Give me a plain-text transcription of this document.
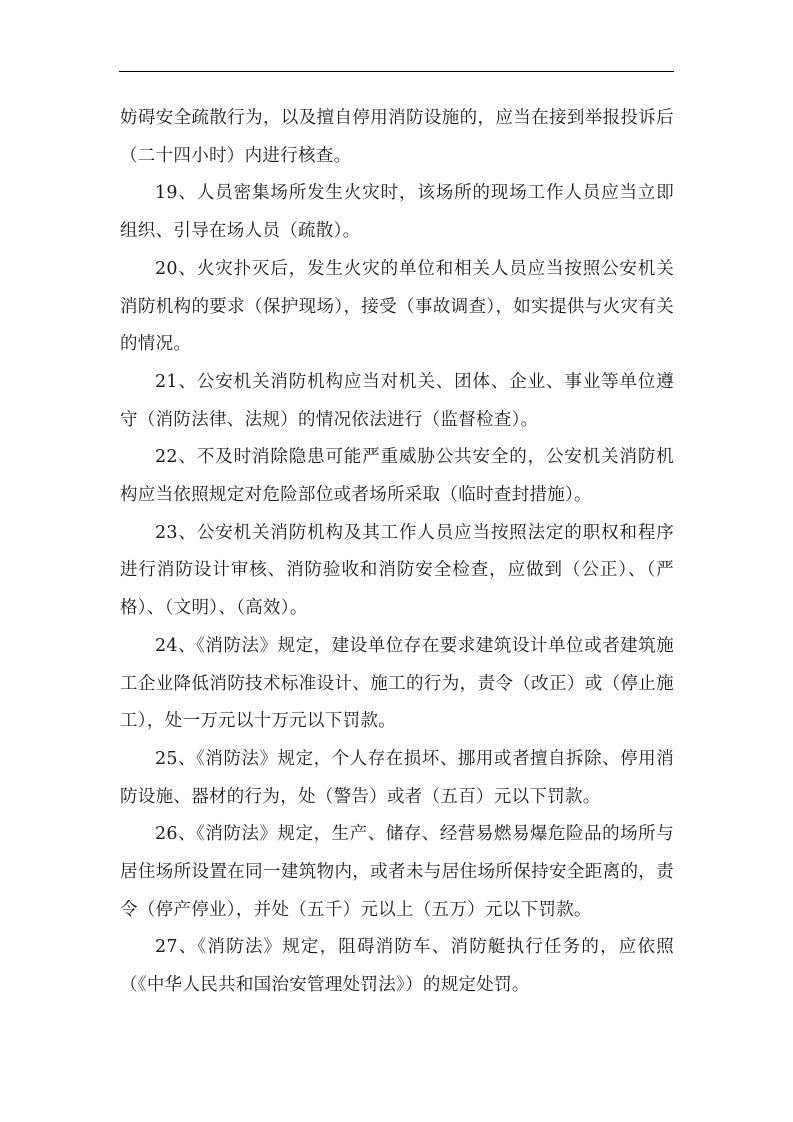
妨碍安全疏散行为，以及擅自停用消防设施的，应当在接到举报投诉后（二十四小时）内进行核查。

19、人员密集场所发生火灾时，该场所的现场工作人员应当立即组织、引导在场人员（疏散）。

20、火灾扑灭后，发生火灾的单位和相关人员应当按照公安机关消防机构的要求（保护现场），接受（事故调查），如实提供与火灾有关的情况。

21、公安机关消防机构应当对机关、团体、企业、事业等单位遵守（消防法律、法规）的情况依法进行（监督检查）。

22、不及时消除隐患可能严重威胁公共安全的，公安机关消防机构应当依照规定对危险部位或者场所采取（临时查封措施）。

23、公安机关消防机构及其工作人员应当按照法定的职权和程序进行消防设计审核、消防验收和消防安全检查，应做到（公正）、（严格）、（文明）、（高效）。

24、《消防法》规定，建设单位存在要求建筑设计单位或者建筑施工企业降低消防技术标准设计、施工的行为，责令（改正）或（停止施工），处一万元以十万元以下罚款。

25、《消防法》规定，个人存在损坏、挪用或者擅自拆除、停用消防设施、器材的行为，处（警告）或者（五百）元以下罚款。

26、《消防法》规定，生产、储存、经营易燃易爆危险品的场所与居住场所设置在同一建筑物内，或者未与居住场所保持安全距离的，责令（停产停业），并处（五千）元以上（五万）元以下罚款。

27、《消防法》规定，阻碍消防车、消防艇执行任务的，应依照（《中华人民共和国治安管理处罚法》）的规定处罚。
